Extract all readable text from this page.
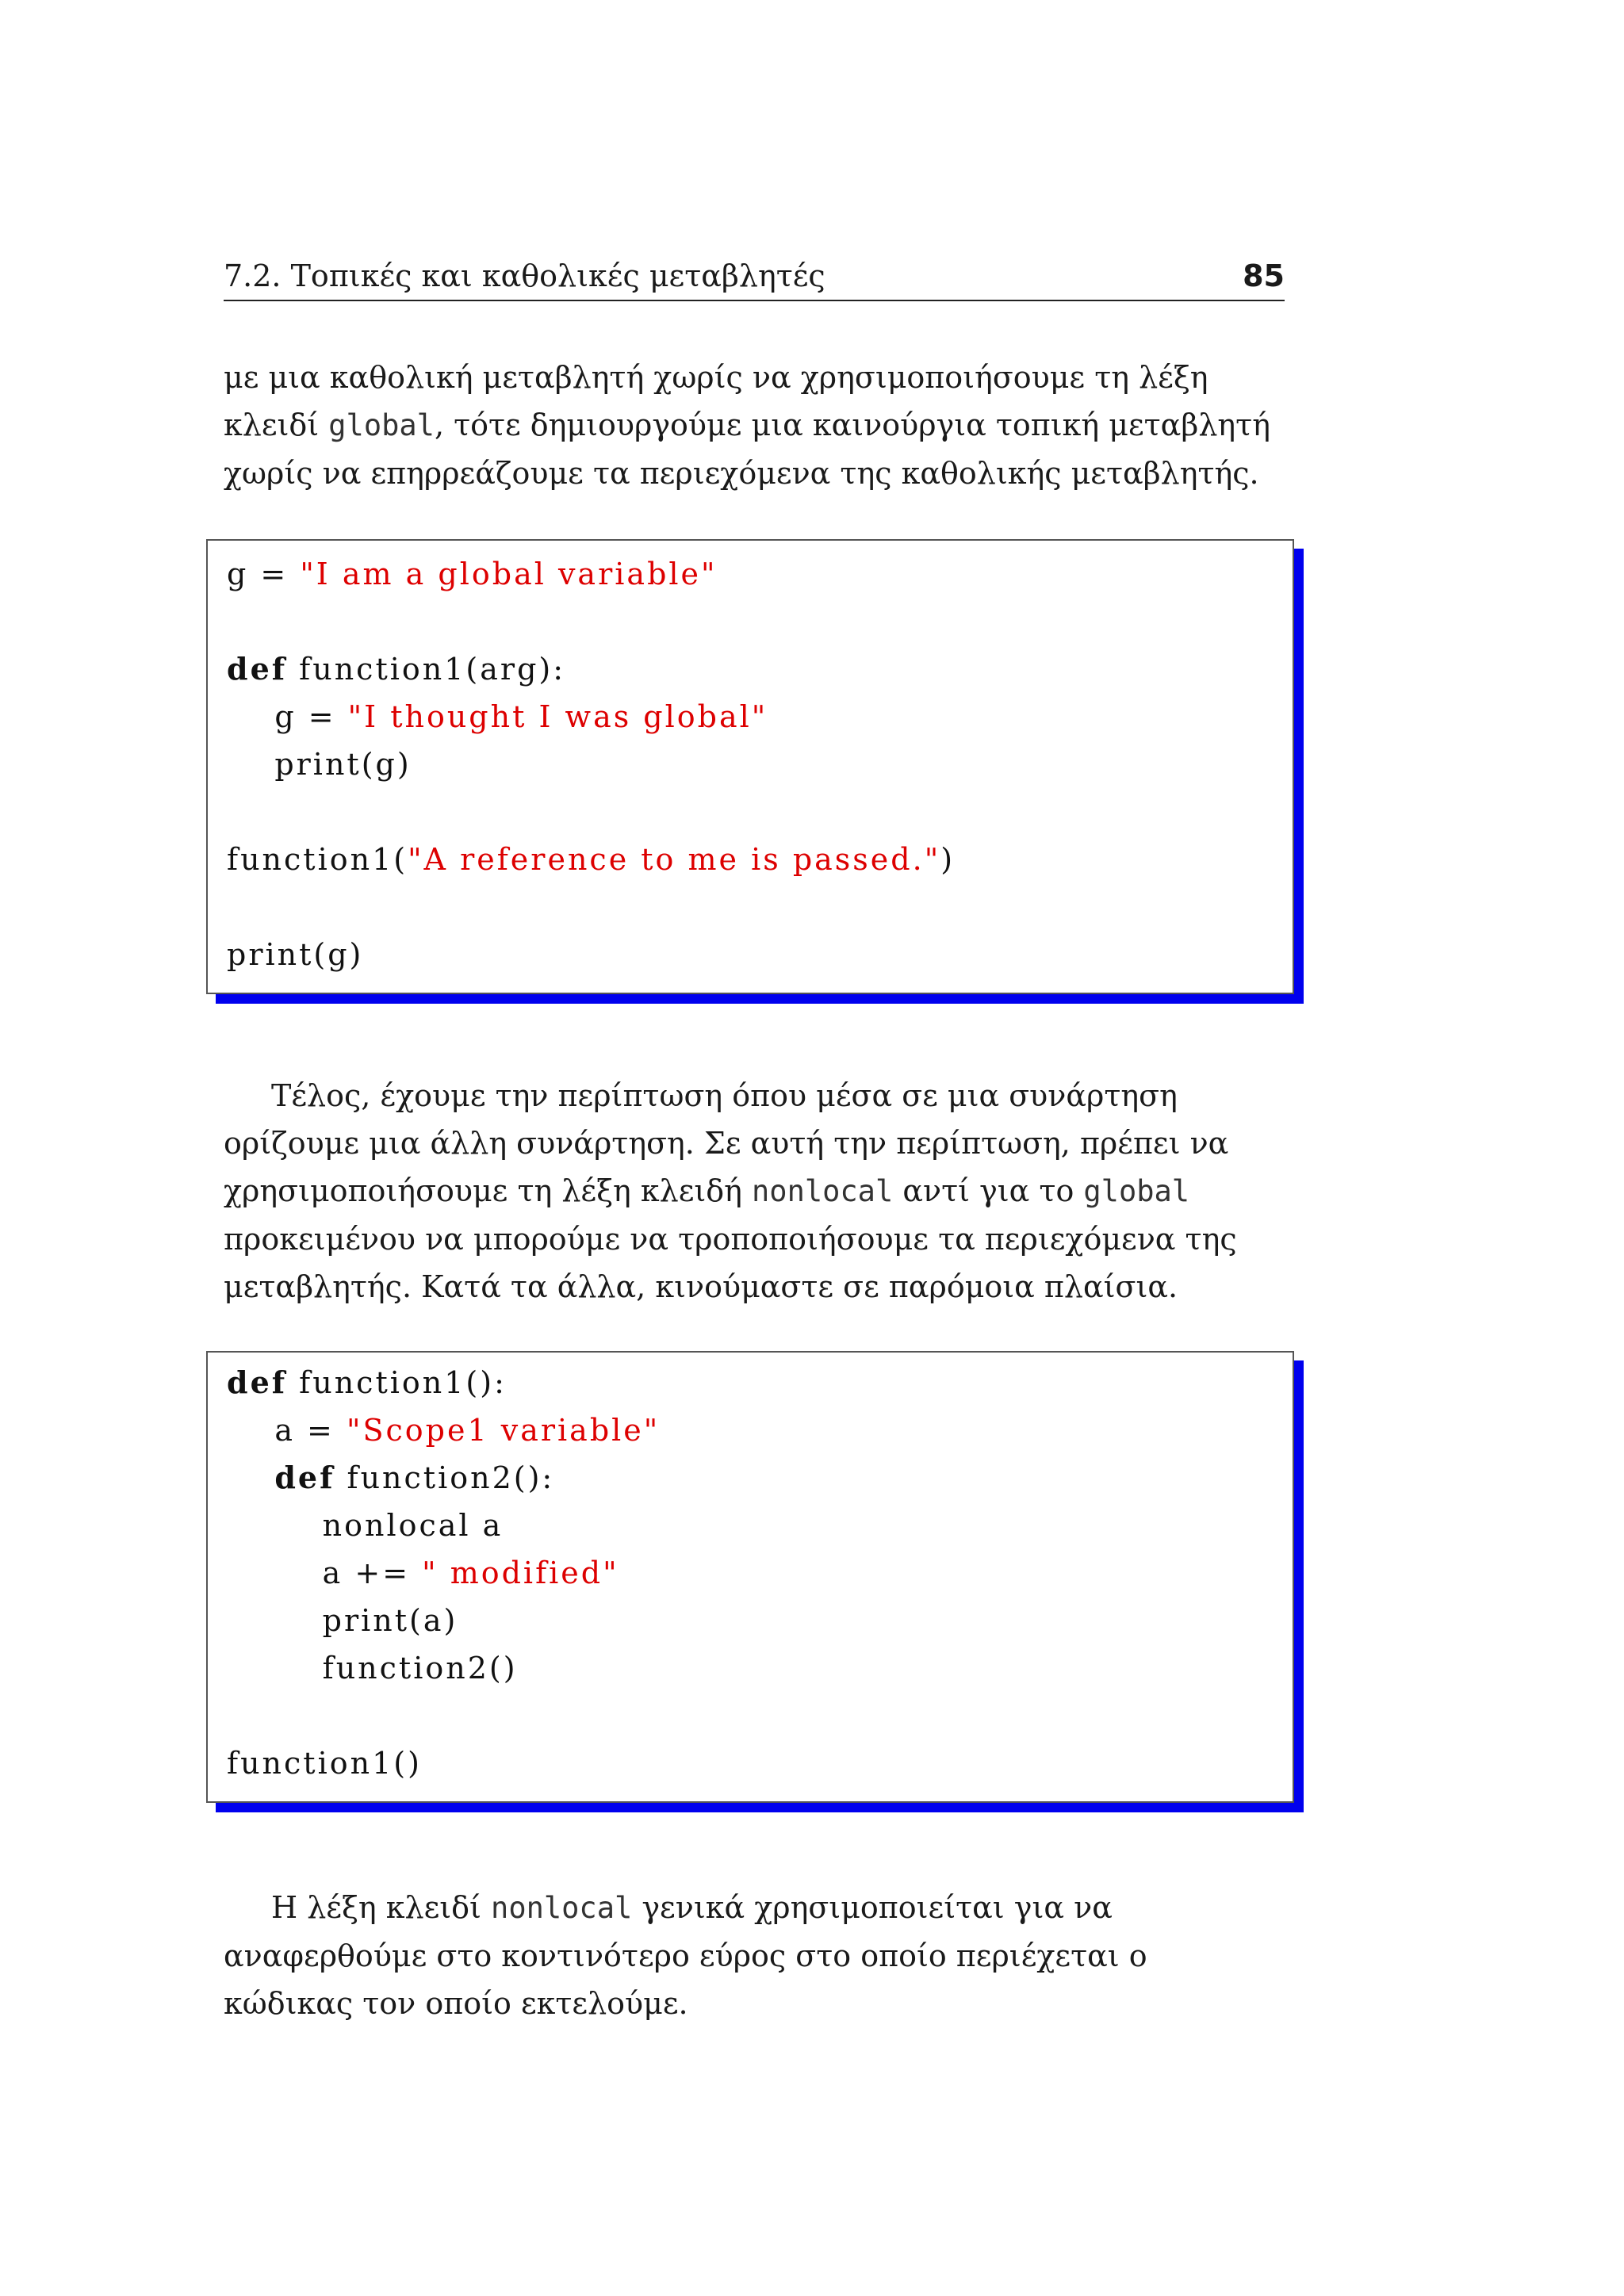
7.2. Τοπικές και καθολικές μεταβλητές	85

με μια καθολική μεταβλητή χωρίς να χρησιμοποιήσουμε τη λέξη κλειδί global, τότε δημιουργούμε μια καινούργια τοπική μεταβλητή χωρίς να επηρρεάζουμε τα περιεχόμενα της καθολικής μεταβλητής.

g = "I am a global variable"
def function1(arg):
g = "I thought I was global"
print(g)
function1("A reference to me is passed.")
print(g)

Τέλος, έχουμε την περίπτωση όπου μέσα σε μια συνάρτηση ορίζουμε μια άλλη συνάρτηση. Σε αυτή την περίπτωση, πρέπει να χρησιμοποιήσουμε τη λέξη κλειδή nonlocal αντί για το global προκειμένου να μπορούμε να τροποποιήσουμε τα περιεχόμενα της μεταβλητής. Κατά τα άλλα, κινούμαστε σε παρόμοια πλαίσια.

def function1():
a = "Scope1 variable"
def function2():
nonlocal a
a += " modified"
print(a)
function2()
function1()

Η λέξη κλειδί nonlocal γενικά χρησιμοποιείται για να αναφερθούμε στο κοντινότερο εύρος στο οποίο περιέχεται ο κώδικας τον οποίο εκτελούμε.
